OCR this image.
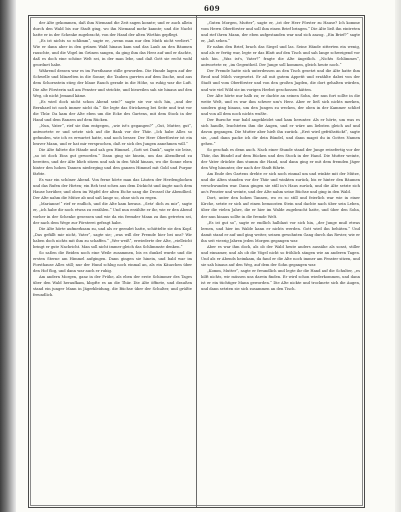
609

der Alte gekommen, daß ihm Niemand die Zeit sagen konnte; und er auch allein durch den Wald bis zur Stadt ging, wo ihn Niemand mehr kannte; und die Nacht hatte er in der Schenke zugebracht, von der Hand der alten Wirthin gepflegt.

„Es ist nichts so schlimm“, sagte er, „wenn man nur den Muth nicht verliert.“ Wie er dann aber in den grünen Wald hinaus kam und das Laub an den Bäumen rauschte, und die Vögel im Grünen sangen, da ging ihm das Herz auf und er dachte, daß es doch eine schöne Welt sei, in der man lebe, und daß Gott sie recht wohl geordnet habe.

Während dessen war es im Forsthause stille geworden. Die Hunde lagen auf der Schwelle und blinzelten in die Sonne; die Tauben gurrten auf dem Dache, und aus dem Schornstein stieg der blaue Rauch gerade in die Höhe, so ruhig war die Luft. Die alte Försterin saß am Fenster und strickte, und bisweilen sah sie hinaus auf den Weg, ob nicht Jemand käme.

„Es wird doch nicht schon Abend sein?“ sagte sie vor sich hin, „und der Bernhard ist noch immer nicht da.“ Sie legte das Strickzeug bei Seite und trat vor die Thür. Da kam der Alte eben um die Ecke des Gartens, mit dem Stock in der Hand und dem Ranzen auf dem Rücken.

„Nun, Vater“, rief sie ihm entgegen, „wie ist's gegangen?“ „Gut, Mutter, gut“, antwortete er und setzte sich auf die Bank vor der Thür. „Ich habe Alles so gefunden, wie ich es erwartet hatte, und noch besser. Der Herr Oberförster ist ein braver Mann, und er hat mir versprochen, daß er sich des Jungen annehmen will.“

Die Alte faltete die Hände und sah gen Himmel. „Gott sei Dank“, sagte sie leise, „so ist doch Eins gut geworden.“ Dann ging sie hinein, um das Abendbrod zu bereiten, und der Alte blieb sitzen und sah in den Wald hinaus, wo die Sonne eben hinter den hohen Tannen niederging und den ganzen Himmel mit Gold und Purpur färbte.

Es war ein schöner Abend. Von ferne hörte man das Läuten der Herdenglocken und das Rufen der Hirten; ein Reh trat scheu aus dem Dickicht und äugte nach dem Hause herüber, und oben im Wipfel der alten Eiche sang die Drossel ihr Abendlied. Der Alte nahm die Mütze ab und saß lange so, ohne sich zu regen.

„Marianne!“ rief er endlich, und die Alte kam heraus. „Setz' dich zu mir“, sagte er, „ich habe dir noch etwas zu erzählen.“ Und nun erzählte er ihr, wie er den Abend vorher in der Schenke gesessen und wie da ein fremder Mann zu ihm getreten sei, der nach dem Wege zur Försterei gefragt habe.

Die Alte hörte aufmerksam zu, und als er geendet hatte, schüttelte sie den Kopf. „Das gefällt mir nicht, Vater“, sagte sie; „was will der Fremde hier bei uns? Wir haben doch nichts mit ihm zu schaffen.“ „Wer weiß“, erwiederte der Alte, „vielleicht bringt er gute Nachricht. Man soll nicht immer gleich das Schlimmste denken.“

So saßen die Beiden noch eine Weile zusammen, bis es dunkel wurde und die ersten Sterne am Himmel aufgingen. Dann gingen sie hinein, und bald war im Forsthause Alles still; nur der Hund schlug noch einmal an, als ein Käuzchen über den Hof flog, und dann war auch er ruhig.

Am andern Morgen, ganz in der Frühe, als eben der erste Schimmer des Tages über den Wald heraufkam, klopfte es an die Thür. Die Alte öffnete, und draußen stand ein junger Mann in Jägerkleidung, die Büchse über der Schulter, und grüßte freundlich.

„Guten Morgen, Mutter“, sagte er, „ist der Herr Förster zu Hause? Ich komme vom Herrn Oberförster und soll ihm einen Brief bringen.“ Die Alte ließ ihn eintreten und rief ihren Mann, der eben aufgestanden war und sich anzog. „Ein Brief?“ sagte er, „laß sehen.“

Er nahm den Brief, brach das Siegel und las. Seine Hände zitterten ein wenig, und als er fertig war, legte er das Blatt auf den Tisch und sah lange schweigend vor sich hin. „Was ist's, Vater?“ fragte die Alte ängstlich. „Nichts Schlimmes“, antwortete er, „im Gegentheil. Der Junge soll kommen, gleich heute noch.“

Der Fremde hatte sich unterdessen an den Tisch gesetzt und die Alte hatte ihm Brod und Milch vorgesetzt. Er aß mit gutem Appetit und erzählte dabei von der Stadt und vom Oberförster und von den großen Jagden, die dort gehalten würden, und wie viel Wild sie im vorigen Herbst geschossen hätten.

Der Alte hörte nur halb zu; er dachte an seinen Sohn, der nun fort sollte in die weite Welt, und es war ihm schwer um's Herz. Aber er ließ sich nichts merken, sondern ging hinaus, um den Jungen zu wecken, der oben in der Kammer schlief und von all dem noch nichts wußte.

Der Bursche war bald angekleidet und kam herunter. Als er hörte, um was es sich handle, leuchteten ihm die Augen, und er wäre am liebsten gleich auf und davon gegangen. Die Mutter aber hielt ihn zurück. „Erst wird gefrühstückt“, sagte sie, „und dann packe ich dir dein Bündel, und dann magst du in Gottes Namen gehen.“

So geschah es denn auch. Nach einer Stunde stand der Junge reisefertig vor der Thür, das Bündel auf dem Rücken und den Stock in der Hand. Die Mutter weinte, der Vater drückte ihm stumm die Hand, und dann ging er mit dem fremden Jäger den Weg hinunter, der nach der Stadt führte.

Am Ende des Gartens drehte er sich noch einmal um und winkte mit der Mütze, und die Alten standen vor der Thür und winkten zurück, bis er hinter den Bäumen verschwunden war. Dann gingen sie still in's Haus zurück, und die Alte setzte sich an's Fenster und weinte, und der Alte nahm seine Büchse und ging in den Wald.

Dort, unter den hohen Tannen, wo es so still und feierlich war wie in einer Kirche, setzte er sich auf einen bemoosten Stein und dachte nach über sein Leben, über die vielen Jahre, die er hier im Walde zugebracht hatte, und über den Sohn, der nun hinaus sollte in die fremde Welt.

„Es ist gut so“, sagte er endlich halblaut vor sich hin, „der Junge muß etwas lernen, und hier im Walde kann er nichts werden. Gott wird ihn behüten.“ Und damit stand er auf und ging weiter, seinen gewohnten Gang durch das Revier, wie er ihn seit vierzig Jahren jeden Morgen gegangen war.

Aber es war ihm doch, als ob der Wald heute anders aussähe als sonst, stiller und einsamer, und als ob die Vögel nicht so fröhlich sängen wie an anderen Tagen. Und als er Abends heimkam, da fand er die Alte noch immer am Fenster sitzen, und sie sah hinaus auf den Weg, auf dem der Sohn gegangen war.

„Komm, Mutter“, sagte er freundlich und legte ihr die Hand auf die Schulter, „es hilft nichts, wir müssen uns darein finden. Er wird schon wiederkommen, und dann ist er ein tüchtiger Mann geworden.“ Die Alte nickte und trocknete sich die Augen, und dann setzten sie sich zusammen an den Tisch.
